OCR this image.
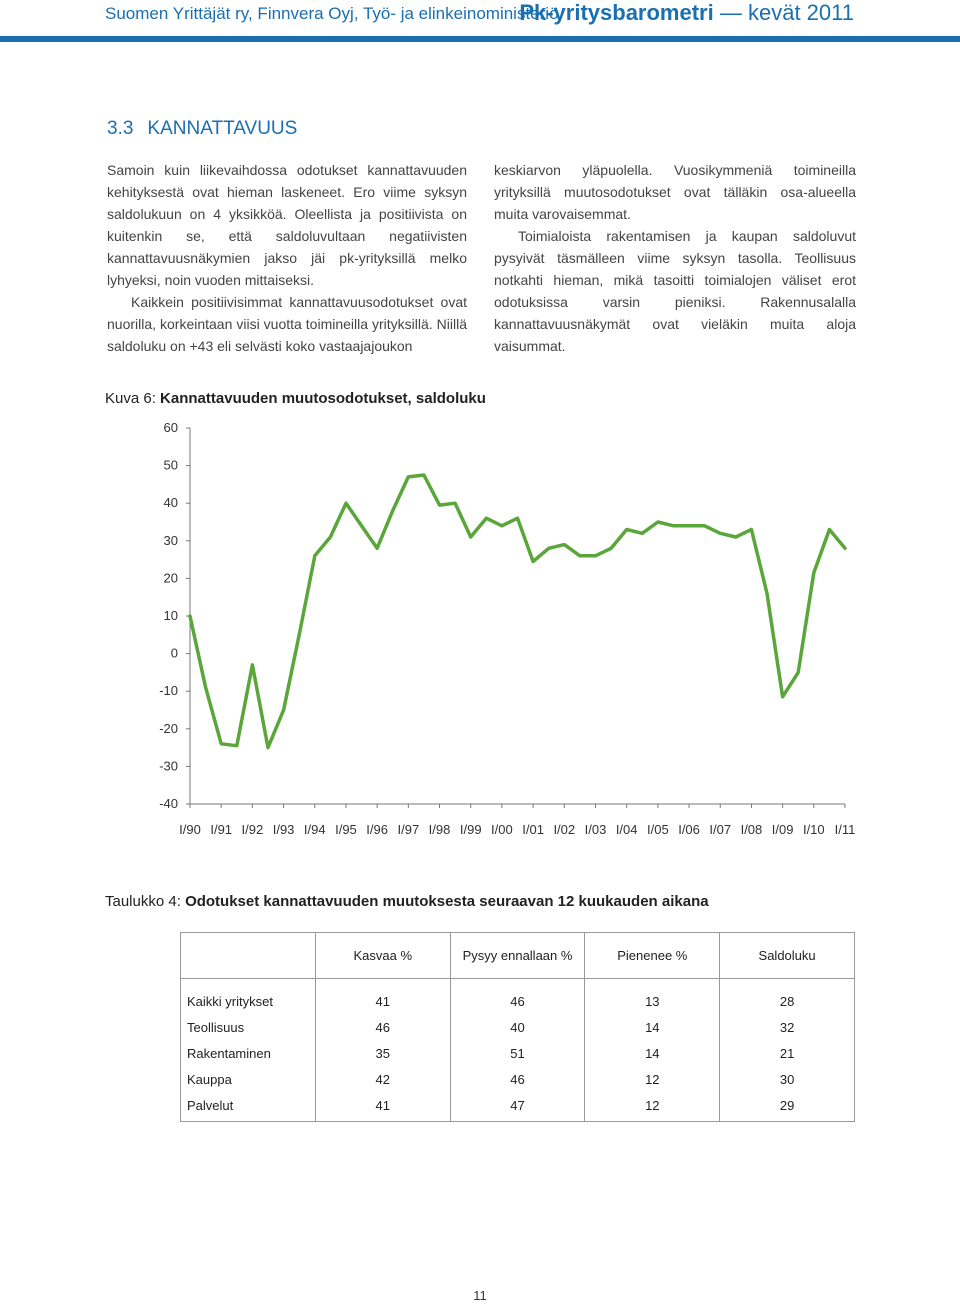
Suomen Yrittäjät ry, Finnvera Oyj, Työ- ja elinkeinoministeriö
Pk-yritysbarometri — kevät 2011
3.3 KANNATTAVUUS

Samoin kuin liikevaihdossa odotukset kannattavuuden kehityksestä ovat hieman laskeneet. Ero viime syksyn saldolukuun on 4 yksikköä. Oleellista ja positiivista on kuitenkin se, että saldoluvultaan negatiivisten kannattavuusnäkymien jakso jäi pk-yrityksillä melko lyhyeksi, noin vuoden mittaiseksi.

Kaikkein positiivisimmat kannattavuusodotukset ovat nuorilla, korkeintaan viisi vuotta toimineilla yrityksillä. Niillä saldoluku on +43 eli selvästi koko vastaajajoukon

keskiarvon yläpuolella. Vuosikymmeniä toimineilla yrityksillä muutosodotukset ovat tälläkin osa-alueella muita varovaisemmat.

Toimialoista rakentamisen ja kaupan saldoluvut pysyivät täsmälleen viime syksyn tasolla. Teollisuus notkahti hieman, mikä tasoitti toimialojen väliset erot odotuksissa varsin pieniksi. Rakennusalalla kannattavuusnäkymät ovat vieläkin muita aloja vaisummat.

Kuva 6: Kannattavuuden muutosodotukset, saldoluku
60
50
40
30
20
10
0
-10
-20
-30
-40
I/90 I/91 I/92 I/93 I/94 I/95 I/96 I/97 I/98 I/99 I/00 I/01 I/02 I/03 I/04 I/05 I/06 I/07 I/08 I/09 I/10 I/11
Taulukko 4: Odotukset kannattavuuden muutoksesta seuraavan 12 kuukauden aikana
	Kasvaa %	Pysyy ennallaan %	Pienenee %	Saldoluku
Kaikki yritykset	41	46	13	28
Teollisuus	46	40	14	32
Rakentaminen	35	51	14	21
Kauppa	42	46	12	30
Palvelut	41	47	12	29
11
